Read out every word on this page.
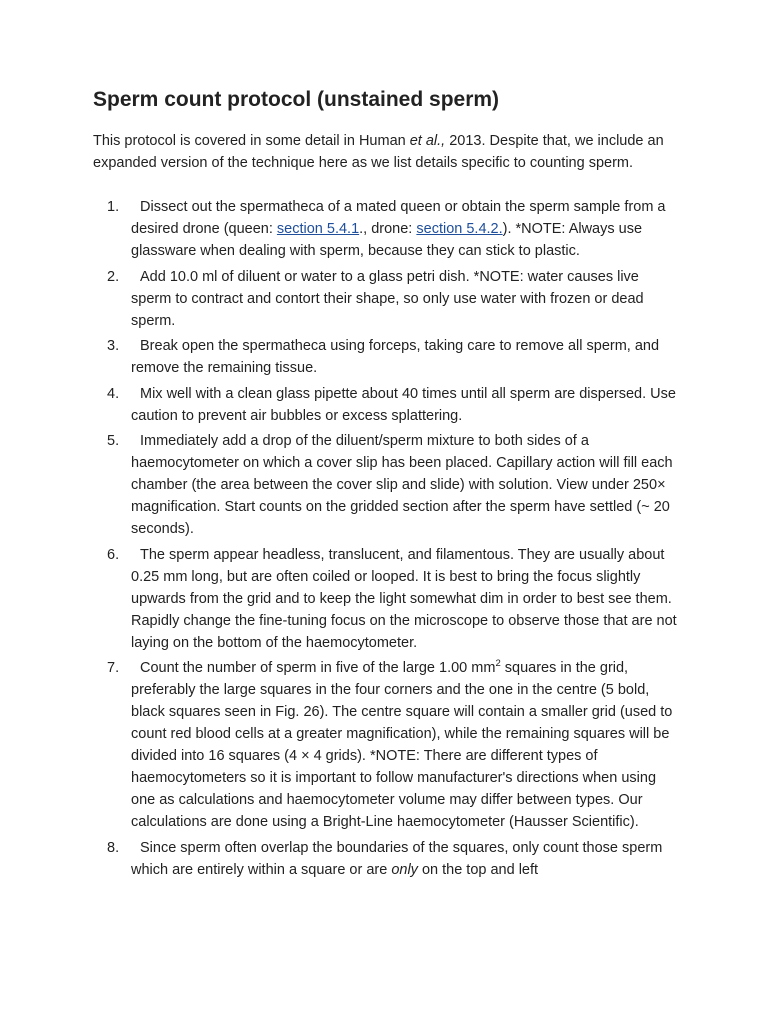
Sperm count protocol (unstained sperm)

This protocol is covered in some detail in Human et al., 2013. Despite that, we include an expanded version of the technique here as we list details specific to counting sperm.

1. Dissect out the spermatheca of a mated queen or obtain the sperm sample from a desired drone (queen: section 5.4.1., drone: section 5.4.2.). *NOTE: Always use glassware when dealing with sperm, because they can stick to plastic.
2. Add 10.0 ml of diluent or water to a glass petri dish. *NOTE: water causes live sperm to contract and contort their shape, so only use water with frozen or dead sperm.
3. Break open the spermatheca using forceps, taking care to remove all sperm, and remove the remaining tissue.
4. Mix well with a clean glass pipette about 40 times until all sperm are dispersed. Use caution to prevent air bubbles or excess splattering.
5. Immediately add a drop of the diluent/sperm mixture to both sides of a haemocytometer on which a cover slip has been placed. Capillary action will fill each chamber (the area between the cover slip and slide) with solution. View under 250× magnification. Start counts on the gridded section after the sperm have settled (~ 20 seconds).
6. The sperm appear headless, translucent, and filamentous. They are usually about 0.25 mm long, but are often coiled or looped. It is best to bring the focus slightly upwards from the grid and to keep the light somewhat dim in order to best see them. Rapidly change the fine-tuning focus on the microscope to observe those that are not laying on the bottom of the haemocytometer.
7. Count the number of sperm in five of the large 1.00 $mm^2$ squares in the grid, preferably the large squares in the four corners and the one in the centre (5 bold, black squares seen in Fig. 26). The centre square will contain a smaller grid (used to count red blood cells at a greater magnification), while the remaining squares will be divided into 16 squares (4 × 4 grids). *NOTE: There are different types of haemocytometers so it is important to follow manufacturer's directions when using one as calculations and haemocytometer volume may differ between types. Our calculations are done using a Bright-Line haemocytometer (Hausser Scientific).
8. Since sperm often overlap the boundaries of the squares, only count those sperm which are entirely within a square or are only on the top and left
